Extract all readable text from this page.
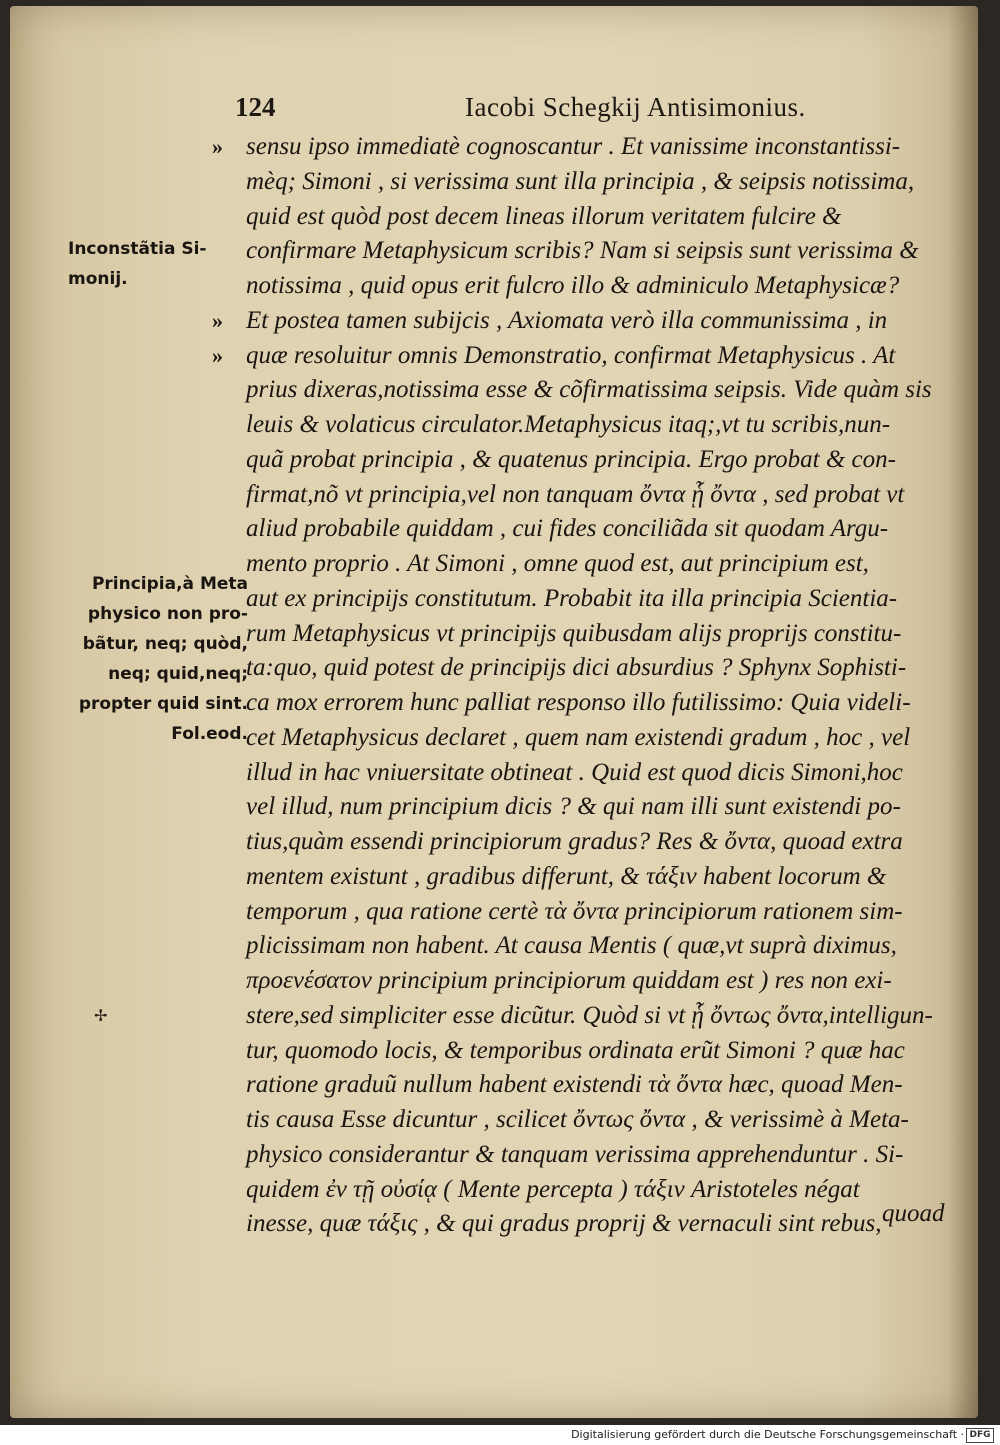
124	Iacobi Schegkij Antisimonius.
Inconstãtia Si-
monij.
Principia,à Meta
physico non pro-
bãtur, neq; quòd,
neq; quid,neq;
propter quid sint.
Fol.eod.
✢
» sensu ipso immediatè cognoscantur . Et vanissime inconstantissi-
mèq; Simoni , si verissima sunt illa principia , & seipsis notissima,
quid est quòd post decem lineas illorum veritatem fulcire &
confirmare Metaphysicum scribis? Nam si seipsis sunt verissima &
notissima , quid opus erit fulcro illo & adminiculo Metaphysicæ?
» Et postea tamen subijcis , Axiomata verò illa communissima , in
» quæ resoluitur omnis Demonstratio, confirmat Metaphysicus . At
prius dixeras,notissima esse & cõfirmatissima seipsis. Vide quàm sis
leuis & volaticus circulator.Metaphysicus itaq;,vt tu scribis,nun-
quã probat principia , & quatenus principia. Ergo probat & con-
firmat,nõ vt principia,vel non tanquam ὄντα ᾗ ὄντα , sed probat vt
aliud probabile quiddam , cui fides conciliãda sit quodam Argu-
mento proprio . At Simoni , omne quod est, aut principium est,
aut ex principijs constitutum. Probabit ita illa principia Scientia-
rum Metaphysicus vt principijs quibusdam alijs proprijs constitu-
ta:quo, quid potest de principijs dici absurdius ? Sphynx Sophisti-
ca mox errorem hunc palliat responso illo futilissimo: Quia videli-
cet Metaphysicus declaret , quem nam existendi gradum , hoc , vel
illud in hac vniuersitate obtineat . Quid est quod dicis Simoni,hoc
vel illud, num principium dicis ? & qui nam illi sunt existendi po-
tius,quàm essendi principiorum gradus? Res & ὄντα, quoad extra
mentem existunt , gradibus differunt, & τάξιν habent locorum &
temporum , qua ratione certè τὰ ὄντα principiorum rationem sim-
plicissimam non habent. At causa Mentis ( quæ,vt suprà diximus,
προενέσατον principium principiorum quiddam est ) res non exi-
stere,sed simpliciter esse dicũtur. Quòd si vt ᾗ ὄντως ὄντα,intelligun-
tur, quomodo locis, & temporibus ordinata erũt Simoni ? quæ hac
ratione graduũ nullum habent existendi τὰ ὄντα hæc, quoad Men-
tis causa Esse dicuntur , scilicet ὄντως ὄντα , & verissimè à Meta-
physico considerantur & tanquam verissima apprehenduntur . Si-
quidem ἐν τῇ οὐσίᾳ ( Mente percepta ) τάξιν Aristoteles négat
inesse, quæ τάξις , & qui gradus proprij & vernaculi sint rebus, quoad
Digitalisierung gefördert durch die Deutsche Forschungsgemeinschaft · DFG
